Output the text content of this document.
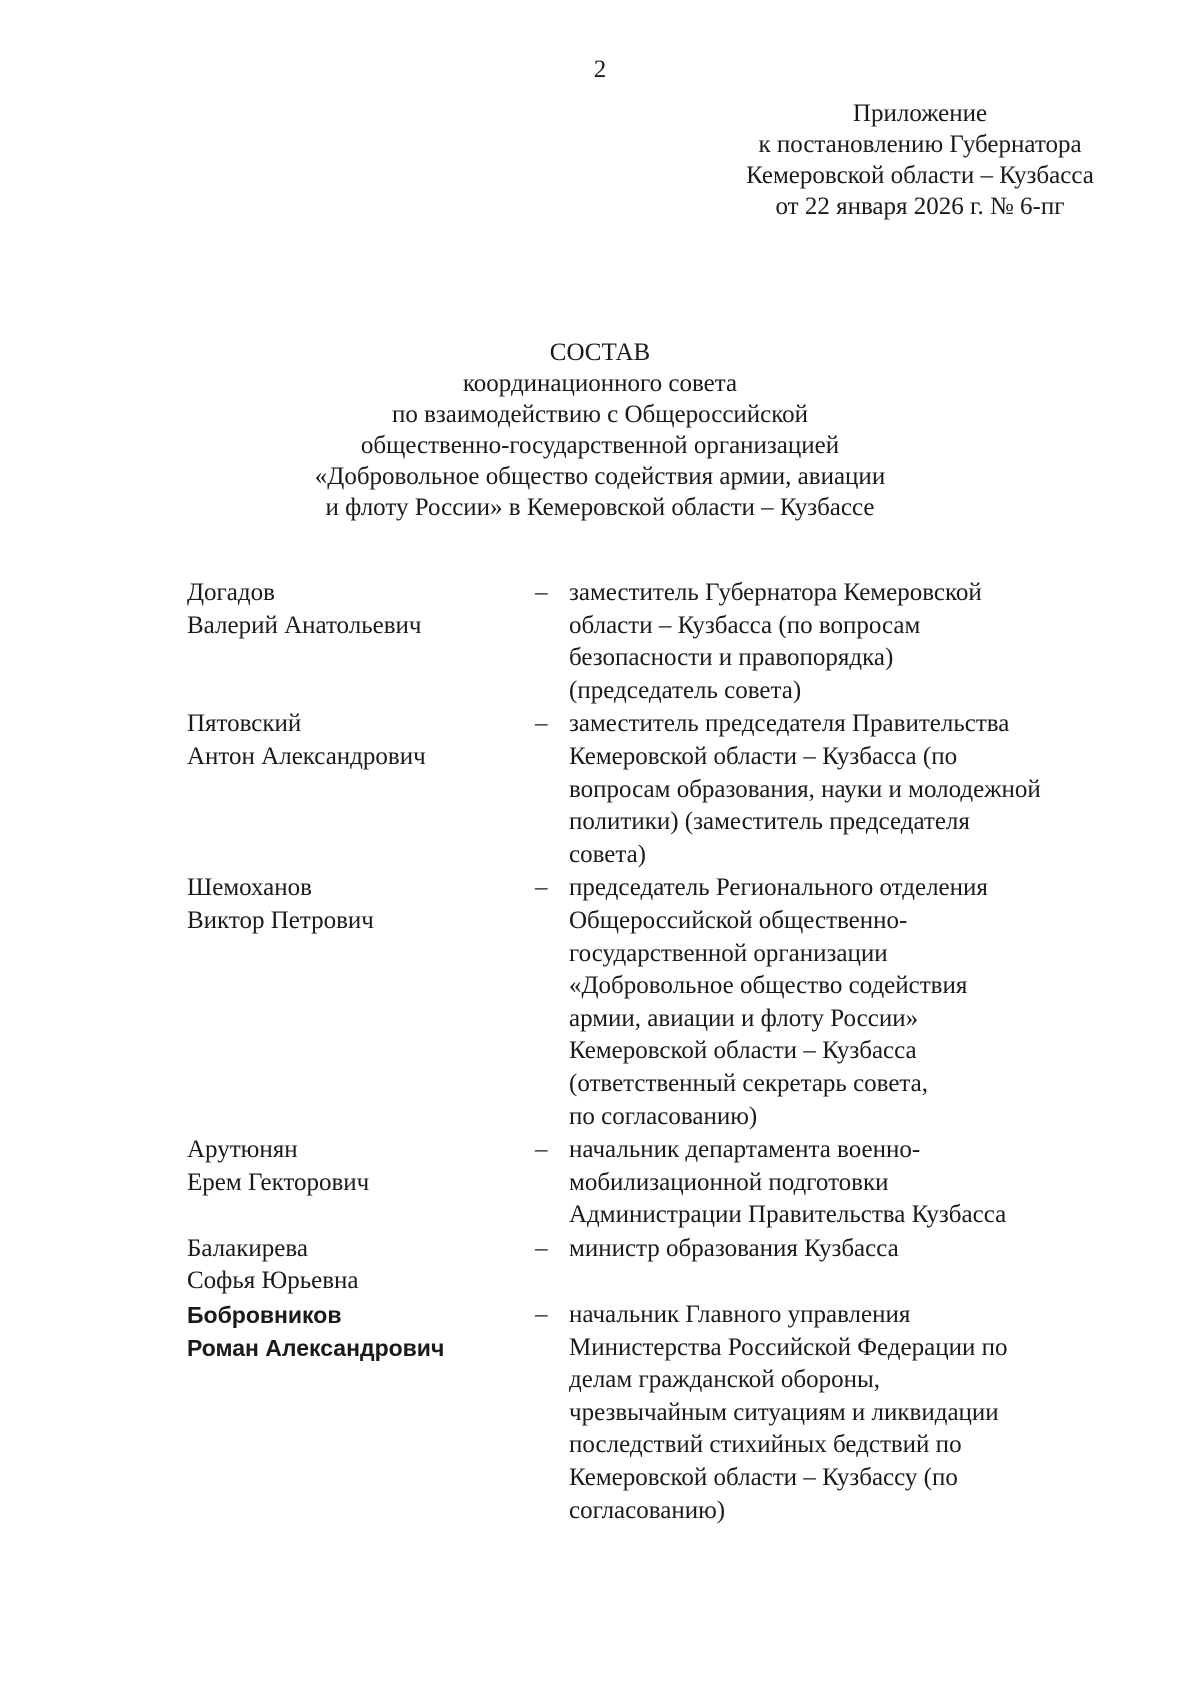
2
Приложение
к постановлению Губернатора
Кемеровской области – Кузбасса
от 22 января 2026 г. № 6-пг
СОСТАВ
координационного совета
по взаимодействию с Общероссийской
общественно-государственной организацией
«Добровольное общество содействия армии, авиации
и флоту России» в Кемеровской области – Кузбассе
Догадов
Валерий Анатольевич
– заместитель Губернатора Кемеровской
области – Кузбасса (по вопросам
безопасности и правопорядка)
(председатель совета)
Пятовский
Антон Александрович
– заместитель председателя Правительства
Кемеровской области – Кузбасса (по
вопросам образования, науки и молодежной
политики) (заместитель председателя
совета)
Шемоханов
Виктор Петрович
– председатель Регионального отделения
Общероссийской общественно-
государственной организации
«Добровольное общество содействия
армии, авиации и флоту России»
Кемеровской области – Кузбасса
(ответственный секретарь совета,
по согласованию)
Арутюнян
Ерем Гекторович
– начальник департамента военно-
мобилизационной подготовки
Администрации Правительства Кузбасса
Балакирева
Софья Юрьевна
– министр образования Кузбасса
Бобровников
Роман Александрович
– начальник Главного управления
Министерства Российской Федерации по
делам гражданской обороны,
чрезвычайным ситуациям и ликвидации
последствий стихийных бедствий по
Кемеровской области – Кузбассу (по
согласованию)
